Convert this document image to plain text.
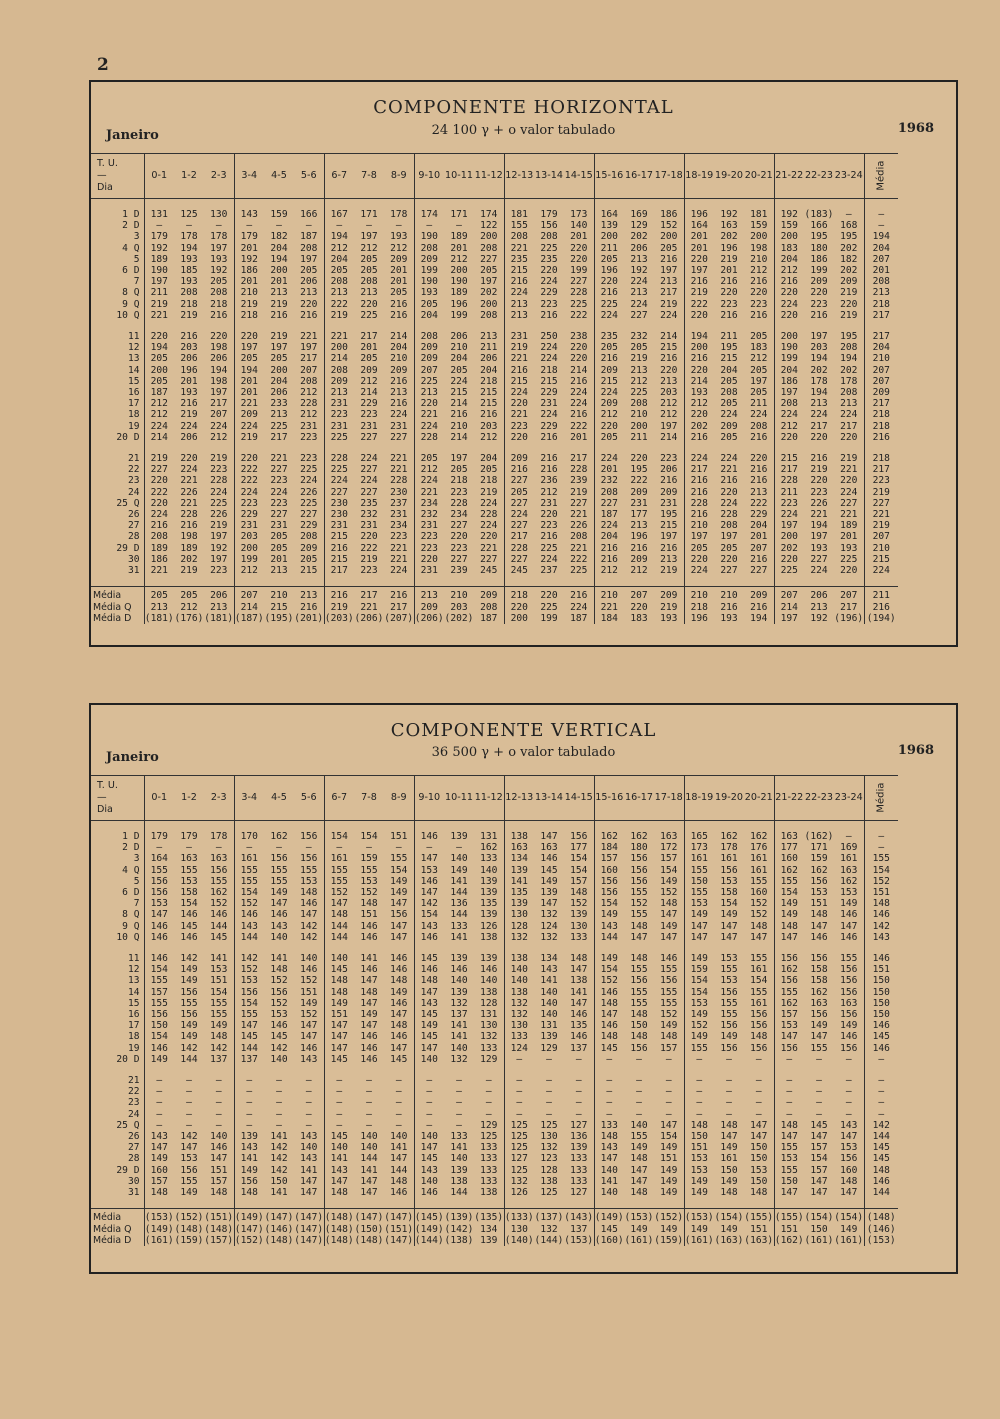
2
COMPONENTE HORIZONTAL
Janeiro	24 100 γ + o valor tabulado	1968
T. U.
—
Dia	0-1	1-2	2-3	3-4	4-5	5-6	6-7	7-8	8-9	9-10	10-11	11-12	12-13	13-14	14-15	15-16	16-17	17-18	18-19	19-20	20-21	21-22	22-23	23-24	Média

1 D	131	125	130	143	159	166	167	171	178	174	171	174	181	179	173	164	169	186	196	192	181	192	(183)	—	—
2 D	—	—	—	—	—	—	—	—	—	—	—	122	155	156	140	139	129	152	164	163	159	159	166	168	—
3	179	178	178	179	182	187	194	197	193	190	189	200	208	208	201	200	202	200	201	202	200	200	195	195	194
4 Q	192	194	197	201	204	208	212	212	212	208	201	208	221	225	220	211	206	205	201	196	198	183	180	202	204
5	189	193	193	192	194	197	204	205	209	209	212	227	235	235	220	205	213	216	220	219	210	204	186	182	207
6 D	190	185	192	186	200	205	205	205	201	199	200	205	215	220	199	196	192	197	197	201	212	212	199	202	201
7	197	193	205	201	201	206	208	208	201	190	190	197	216	224	227	220	224	213	216	216	216	216	209	209	208
8 Q	211	208	208	210	213	213	213	213	205	193	189	202	224	229	228	216	213	217	219	220	220	220	220	219	213
9 Q	219	218	218	219	219	220	222	220	216	205	196	200	213	223	225	225	224	219	222	223	223	224	223	220	218
10 Q	221	219	216	218	216	216	219	225	216	204	199	208	213	216	222	224	227	224	220	216	216	220	216	219	217

11	220	216	220	220	219	221	221	217	214	208	206	213	231	250	238	235	232	214	194	211	205	200	197	195	217
12	194	203	198	197	197	197	200	201	204	209	210	211	219	224	220	205	205	215	200	195	183	190	203	208	204
13	205	206	206	205	205	217	214	205	210	209	204	206	221	224	220	216	219	216	216	215	212	199	194	194	210
14	200	196	194	194	200	207	208	209	209	207	205	204	216	218	214	209	213	220	220	204	205	204	202	202	207
15	205	201	198	201	204	208	209	212	216	225	224	218	215	215	216	215	212	213	214	205	197	186	178	178	207
16	187	193	197	201	206	212	213	214	213	213	215	215	224	229	224	224	225	203	193	208	205	197	194	208	209
17	212	216	217	221	233	228	231	229	216	220	214	215	220	231	224	209	208	212	212	205	211	208	213	213	217
18	212	219	207	209	213	212	223	223	224	221	216	216	221	224	216	212	210	212	220	224	224	224	224	224	218
19	224	224	224	224	225	231	231	231	231	224	210	203	223	229	222	220	200	197	202	209	208	212	217	217	218
20 D	214	206	212	219	217	223	225	227	227	228	214	212	220	216	201	205	211	214	216	205	216	220	220	220	216

21	219	220	219	220	221	223	228	224	221	205	197	204	209	216	217	224	220	223	224	224	220	215	216	219	218
22	227	224	223	222	227	225	225	227	221	212	205	205	216	216	228	201	195	206	217	221	216	217	219	221	217
23	220	221	228	222	223	224	224	224	228	224	218	218	227	236	239	232	222	216	216	216	216	228	220	220	223
24	222	226	224	224	224	226	227	227	230	221	223	219	205	212	219	208	209	209	216	220	213	211	223	224	219
25 Q	220	221	225	223	223	225	230	235	237	234	228	224	227	231	227	227	231	231	228	224	222	223	226	227	227
26	224	228	226	229	227	227	230	232	231	232	234	228	224	220	221	187	177	195	216	228	229	224	221	221	221
27	216	216	219	231	231	229	231	231	234	231	227	224	227	223	226	224	213	215	210	208	204	197	194	189	219
28	208	198	197	203	205	208	215	220	223	223	220	220	217	216	208	204	196	197	197	197	201	200	197	201	207
29 D	189	189	192	200	205	209	216	222	221	223	223	221	228	225	221	216	216	216	205	205	207	202	193	193	210
30	186	202	197	199	201	205	215	219	221	220	227	227	227	224	222	216	209	213	220	220	216	220	227	225	215
31	221	219	223	212	213	215	217	223	224	231	239	245	245	237	225	212	212	219	224	227	227	225	224	220	224

Média	205	205	206	207	210	213	216	217	216	213	210	209	218	220	216	210	207	209	210	210	209	207	206	207	211
Média Q	213	212	213	214	215	216	219	221	217	209	203	208	220	225	224	221	220	219	218	216	216	214	213	217	216
Média D	(181)	(176)	(181)	(187)	(195)	(201)	(203)	(206)	(207)	(206)	(202)	187	200	199	187	184	183	193	196	193	194	197	192	(196)	(194)
COMPONENTE VERTICAL
Janeiro	36 500 γ + o valor tabulado	1968
T. U.
—
Dia	0-1	1-2	2-3	3-4	4-5	5-6	6-7	7-8	8-9	9-10	10-11	11-12	12-13	13-14	14-15	15-16	16-17	17-18	18-19	19-20	20-21	21-22	22-23	23-24	Média

1 D	179	179	178	170	162	156	154	154	151	146	139	131	138	147	156	162	162	163	165	162	162	163	(162)	—	—
2 D	—	—	—	—	—	—	—	—	—	—	—	162	163	163	177	184	180	172	173	178	176	177	171	169	—
3	164	163	163	161	156	156	161	159	155	147	140	133	134	146	154	157	156	157	161	161	161	160	159	161	155
4 Q	155	155	156	155	155	155	155	155	154	153	149	140	139	145	154	160	156	154	155	156	161	162	162	163	154
5	156	153	155	155	155	153	155	153	149	146	141	139	141	149	157	156	156	149	150	153	155	155	156	162	152
6 D	156	158	162	154	149	148	152	152	149	147	144	139	135	139	148	156	155	152	155	158	160	154	153	153	151
7	153	154	152	152	147	146	147	148	147	142	136	135	139	147	152	154	152	148	153	154	152	149	151	149	148
8 Q	147	146	146	146	146	147	148	151	156	154	144	139	130	132	139	149	155	147	149	149	152	149	148	146	146
9 Q	146	145	144	143	143	142	144	146	147	143	133	126	128	124	130	143	148	149	147	147	148	148	147	147	142
10 Q	146	146	145	144	140	142	144	146	147	146	141	138	132	132	133	144	147	147	147	147	147	147	146	146	143

11	146	142	141	142	141	140	140	141	146	145	139	139	138	134	148	149	148	146	149	153	155	156	156	155	146
12	154	149	153	152	148	146	145	146	146	146	146	146	140	143	147	154	155	155	159	155	161	162	158	156	151
13	155	149	151	153	152	152	148	147	148	148	140	140	140	141	138	152	156	156	154	153	154	156	158	156	150
14	157	156	154	156	156	151	148	148	149	147	139	138	138	140	141	146	155	155	154	156	155	155	162	156	150
15	155	155	155	154	152	149	149	147	146	143	132	128	132	140	147	148	155	155	153	155	161	162	163	163	150
16	156	156	155	155	153	152	151	149	147	145	137	131	132	140	146	147	148	152	149	155	156	157	156	156	150
17	150	149	149	147	146	147	147	147	148	149	141	130	130	131	135	146	150	149	152	156	156	153	149	149	146
18	154	149	148	145	145	147	147	146	146	145	141	132	133	139	146	148	148	148	149	149	148	147	147	146	145
19	146	142	142	144	142	146	147	146	147	147	140	133	124	129	137	145	156	157	155	156	156	156	155	156	146
20 D	149	144	137	137	140	143	145	146	145	140	132	129	—	—	—	—	—	—	—	—	—	—	—	—	—

21	—	—	—	—	—	—	—	—	—	—	—	—	—	—	—	—	—	—	—	—	—	—	—	—	—
22	—	—	—	—	—	—	—	—	—	—	—	—	—	—	—	—	—	—	—	—	—	—	—	—	—
23	—	—	—	—	—	—	—	—	—	—	—	—	—	—	—	—	—	—	—	—	—	—	—	—	—
24	—	—	—	—	—	—	—	—	—	—	—	—	—	—	—	—	—	—	—	—	—	—	—	—	—
25 Q	—	—	—	—	—	—	—	—	—	—	—	129	125	125	127	133	140	147	148	148	147	148	145	143	142
26	143	142	140	139	141	143	145	140	140	140	133	125	125	130	136	148	155	154	150	147	147	147	147	147	144
27	147	147	146	143	142	140	140	140	141	147	141	133	125	132	139	143	149	149	151	149	150	155	157	153	145
28	149	153	147	141	142	143	141	144	147	145	140	133	127	123	133	147	148	151	153	161	150	153	154	156	145
29 D	160	156	151	149	142	141	143	141	144	143	139	133	125	128	133	140	147	149	153	150	153	155	157	160	148
30	157	155	157	156	150	147	147	147	148	140	138	133	132	138	133	141	147	149	149	149	150	150	147	148	146
31	148	149	148	148	141	147	148	147	146	146	144	138	126	125	127	140	148	149	149	148	148	147	147	147	144

Média	(153)	(152)	(151)	(149)	(147)	(147)	(148)	(147)	(147)	(145)	(139)	(135)	(133)	(137)	(143)	(149)	(153)	(152)	(153)	(154)	(155)	(155)	(154)	(154)	(148)
Média Q	(149)	(148)	(148)	(147)	(146)	(147)	(148)	(150)	(151)	(149)	(142)	134	130	132	137	145	149	149	149	149	151	151	150	149	(146)
Média D	(161)	(159)	(157)	(152)	(148)	(147)	(148)	(148)	(147)	(144)	(138)	139	(140)	(144)	(153)	(160)	(161)	(159)	(161)	(163)	(163)	(162)	(161)	(161)	(153)
